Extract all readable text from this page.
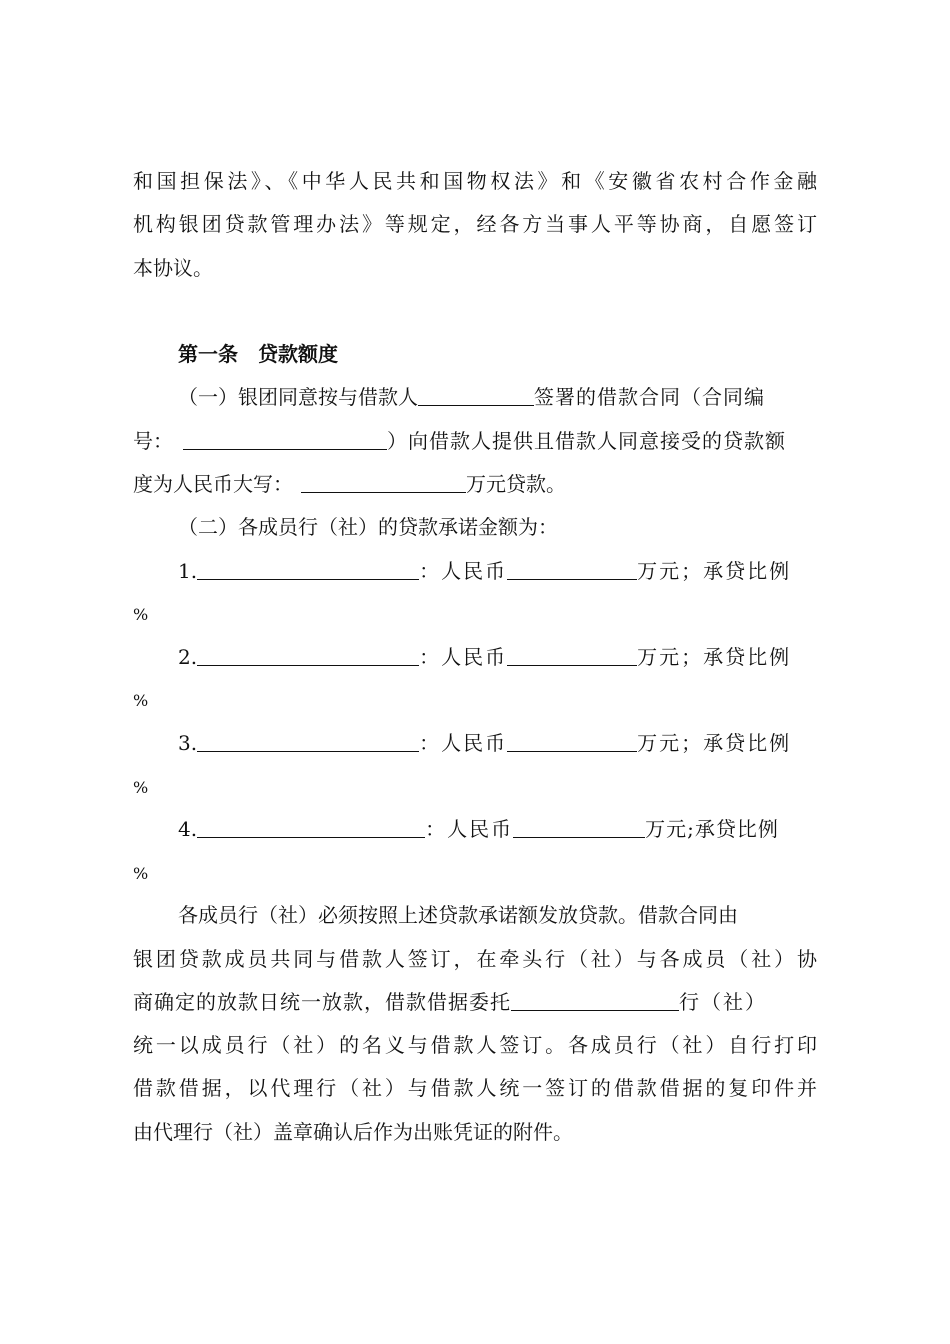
和国担保法》、《中华人民共和国物权法》和《安徽省农村合作金融
机构银团贷款管理办法》等规定，经各方当事人平等协商，自愿签订
本协议。
第一条　贷款额度
（一）银团同意按与借款人	签署的借款合同（合同编
号：	）向借款人提供且借款人同意接受的贷款额
度为人民币大写：	万元贷款。
（二）各成员行（社）的贷款承诺金额为：
1.	：人民币	万元；承贷比例
%
2.	：人民币	万元；承贷比例
%
3.	：人民币	万元；承贷比例
%
4.	：人民币	万元;承贷比例
%
各成员行（社）必须按照上述贷款承诺额发放贷款。借款合同由
银团贷款成员共同与借款人签订，在牵头行（社）与各成员（社）协
商确定的放款日统一放款，借款借据委托	行（社）
统一以成员行（社）的名义与借款人签订。各成员行（社）自行打印
借款借据，以代理行（社）与借款人统一签订的借款借据的复印件并
由代理行（社）盖章确认后作为出账凭证的附件。
